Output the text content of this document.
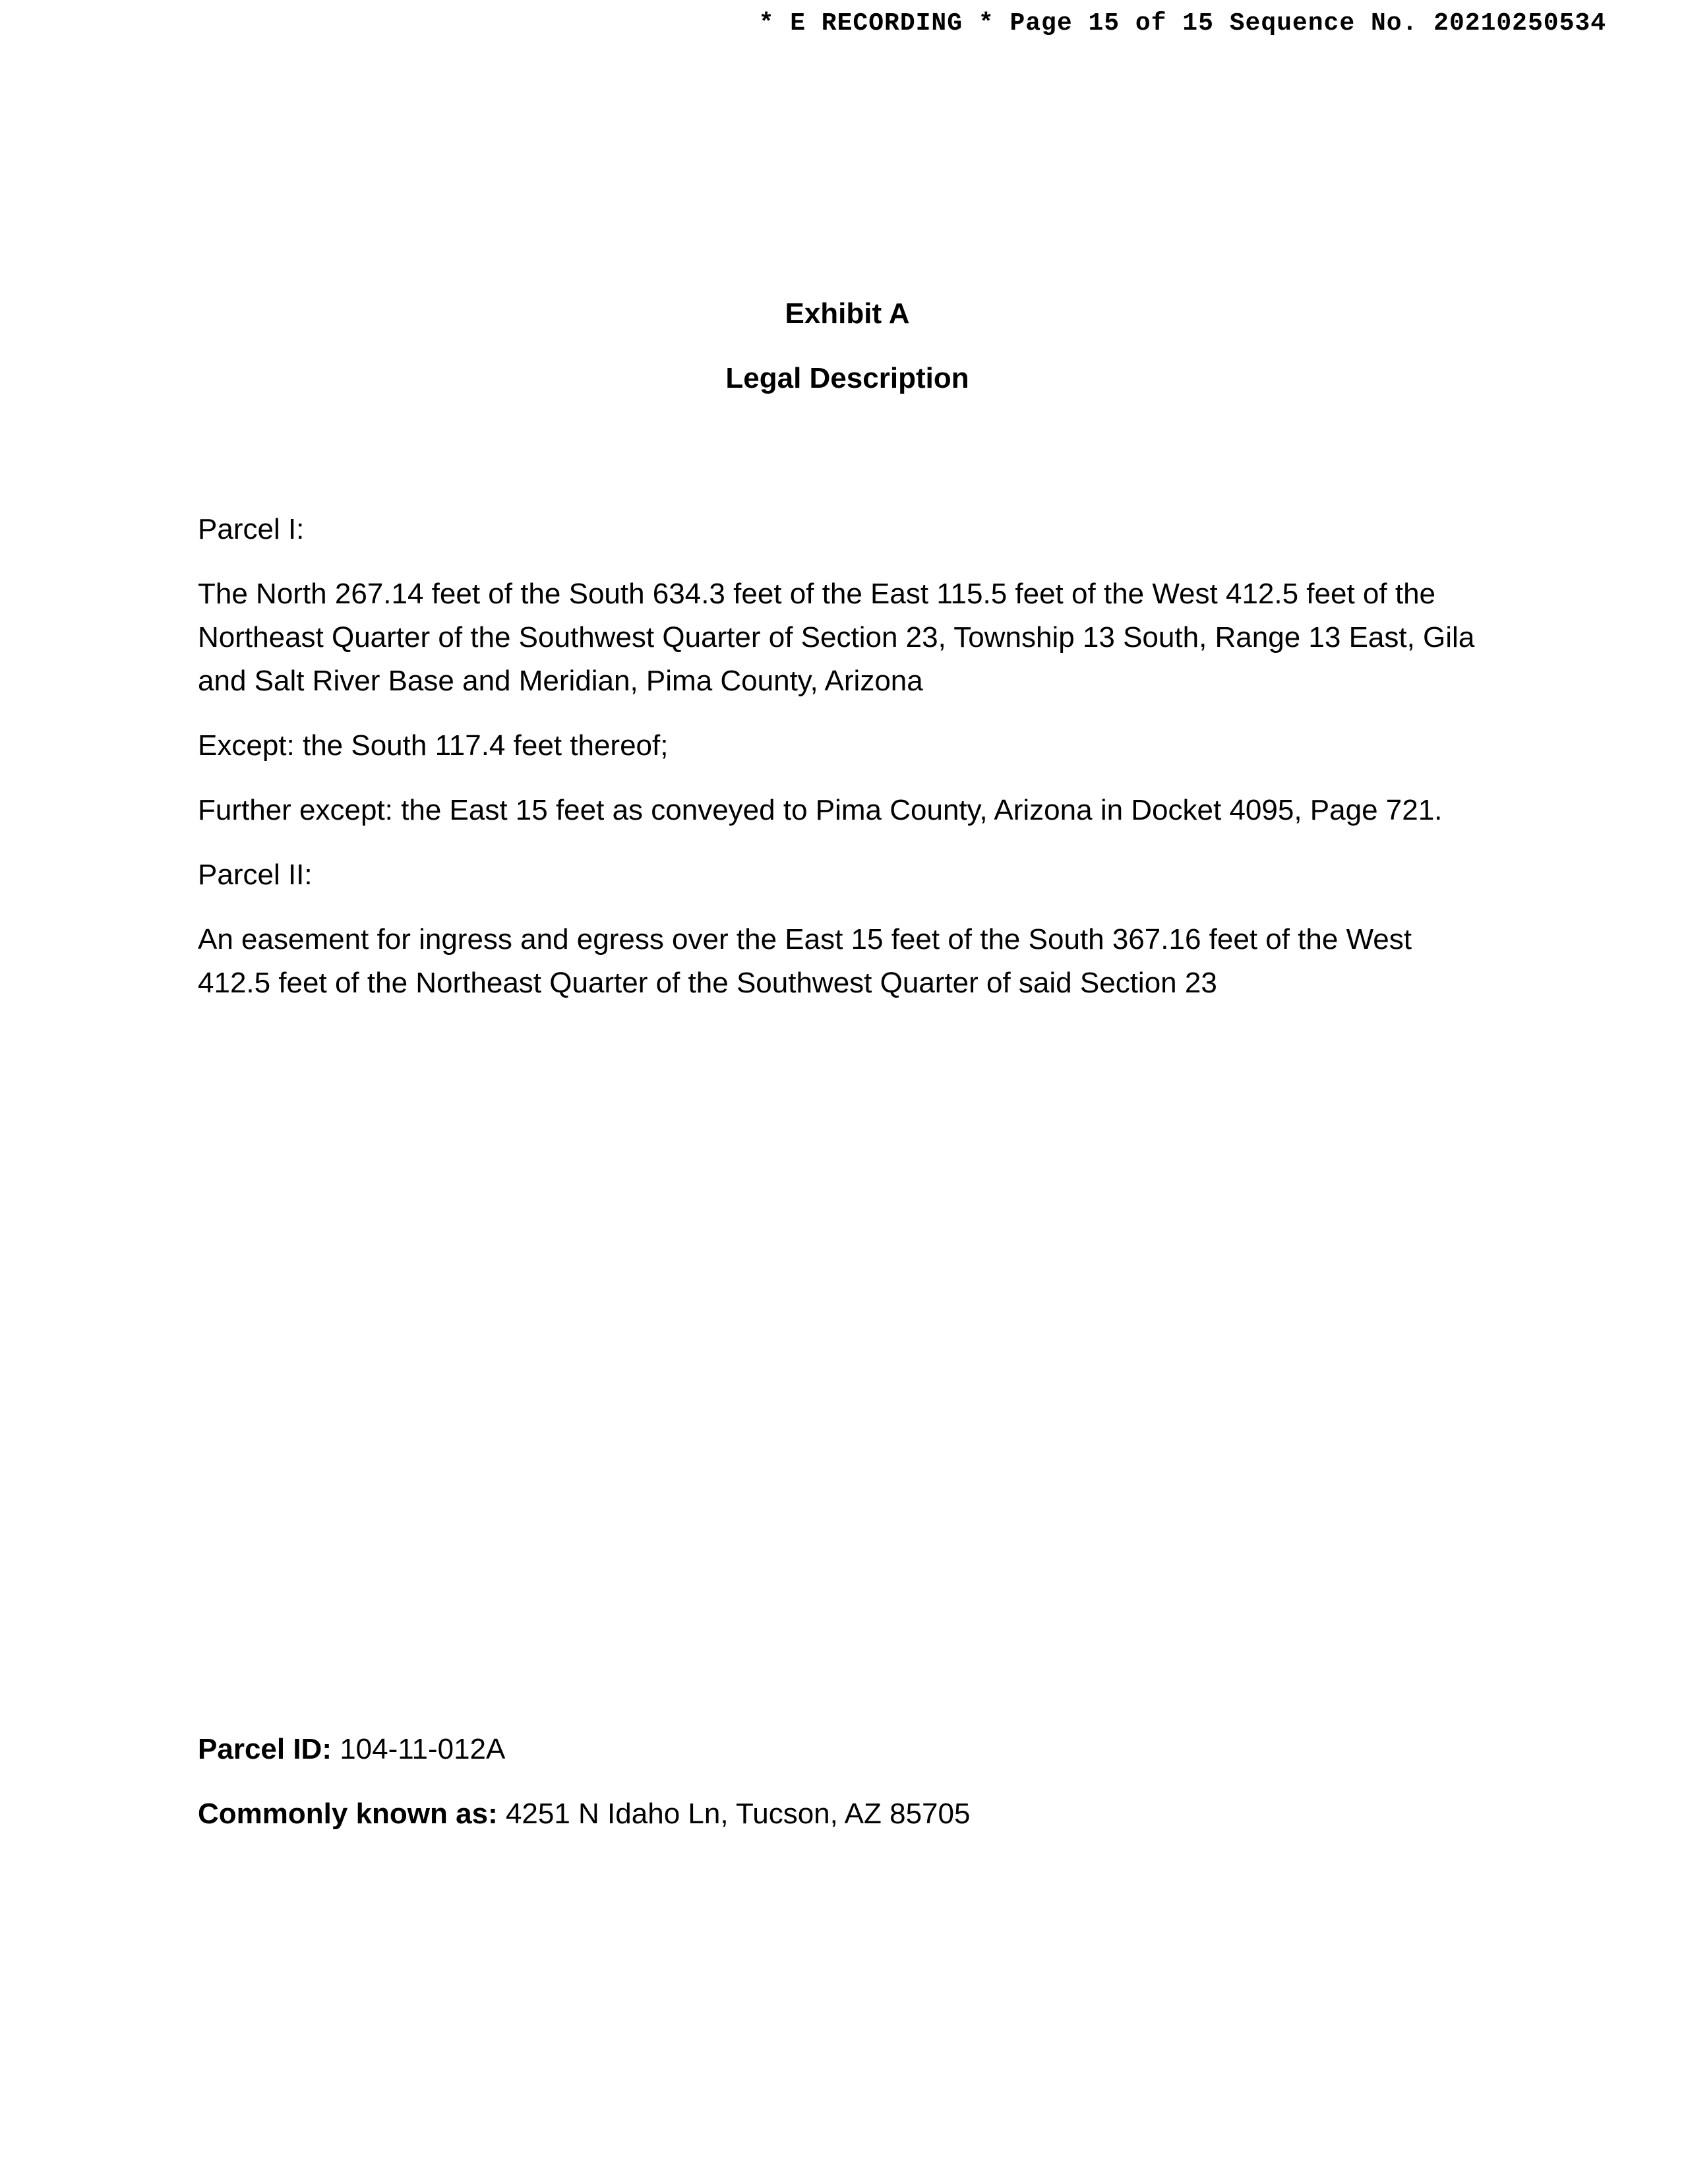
* E RECORDING * Page 15 of 15 Sequence No. 20210250534
Exhibit A
Legal Description

Parcel I:

The North 267.14 feet of the South 634.3 feet of the East 115.5 feet of the West 412.5 feet of the Northeast Quarter of the Southwest Quarter of Section 23, Township 13 South, Range 13 East, Gila and Salt River Base and Meridian, Pima County, Arizona

Except: the South 117.4 feet thereof;

Further except: the East 15 feet as conveyed to Pima County, Arizona in Docket 4095, Page 721.

Parcel II:

An easement for ingress and egress over the East 15 feet of the South 367.16 feet of the West 412.5 feet of the Northeast Quarter of the Southwest Quarter of said Section 23

Parcel ID: 104-11-012A

Commonly known as: 4251 N Idaho Ln, Tucson, AZ 85705
